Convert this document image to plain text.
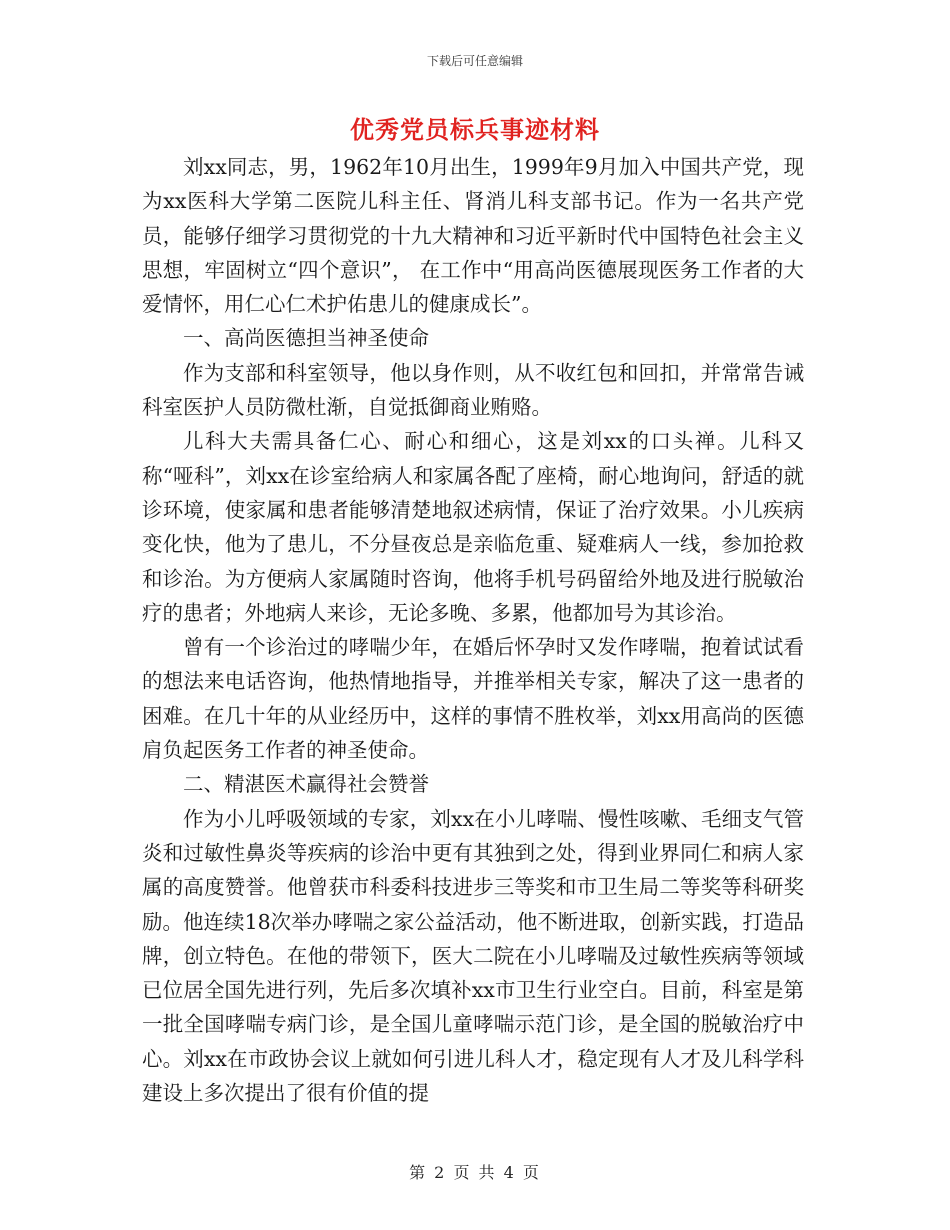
下载后可任意编辑
优秀党员标兵事迹材料

刘xx同志，男，1962年10月出生，1999年9月加入中国共产党，现为xx医科大学第二医院儿科主任、肾消儿科支部书记。作为一名共产党员，能够仔细学习贯彻党的十九大精神和习近平新时代中国特色社会主义思想，牢固树立“四个意识”， 在工作中“用高尚医德展现医务工作者的大爱情怀，用仁心仁术护佑患儿的健康成长”。

一、高尚医德担当神圣使命

作为支部和科室领导，他以身作则，从不收红包和回扣，并常常告诫科室医护人员防微杜渐，自觉抵御商业贿赂。

儿科大夫需具备仁心、耐心和细心，这是刘xx的口头禅。儿科又称“哑科”，刘xx在诊室给病人和家属各配了座椅，耐心地询问，舒适的就诊环境，使家属和患者能够清楚地叙述病情，保证了治疗效果。小儿疾病变化快，他为了患儿，不分昼夜总是亲临危重、疑难病人一线，参加抢救和诊治。为方便病人家属随时咨询，他将手机号码留给外地及进行脱敏治疗的患者；外地病人来诊，无论多晚、多累，他都加号为其诊治。

曾有一个诊治过的哮喘少年，在婚后怀孕时又发作哮喘，抱着试试看的想法来电话咨询，他热情地指导，并推举相关专家，解决了这一患者的困难。在几十年的从业经历中，这样的事情不胜枚举，刘xx用高尚的医德肩负起医务工作者的神圣使命。

二、精湛医术赢得社会赞誉

作为小儿呼吸领域的专家，刘xx在小儿哮喘、慢性咳嗽、毛细支气管炎和过敏性鼻炎等疾病的诊治中更有其独到之处，得到业界同仁和病人家属的高度赞誉。他曾获市科委科技进步三等奖和市卫生局二等奖等科研奖励。他连续18次举办哮喘之家公益活动，他不断进取，创新实践，打造品牌，创立特色。在他的带领下，医大二院在小儿哮喘及过敏性疾病等领域已位居全国先进行列，先后多次填补xx市卫生行业空白。目前，科室是第一批全国哮喘专病门诊，是全国儿童哮喘示范门诊，是全国的脱敏治疗中心。刘xx在市政协会议上就如何引进儿科人才，稳定现有人才及儿科学科建设上多次提出了很有价值的提

第 2 页 共 4 页
